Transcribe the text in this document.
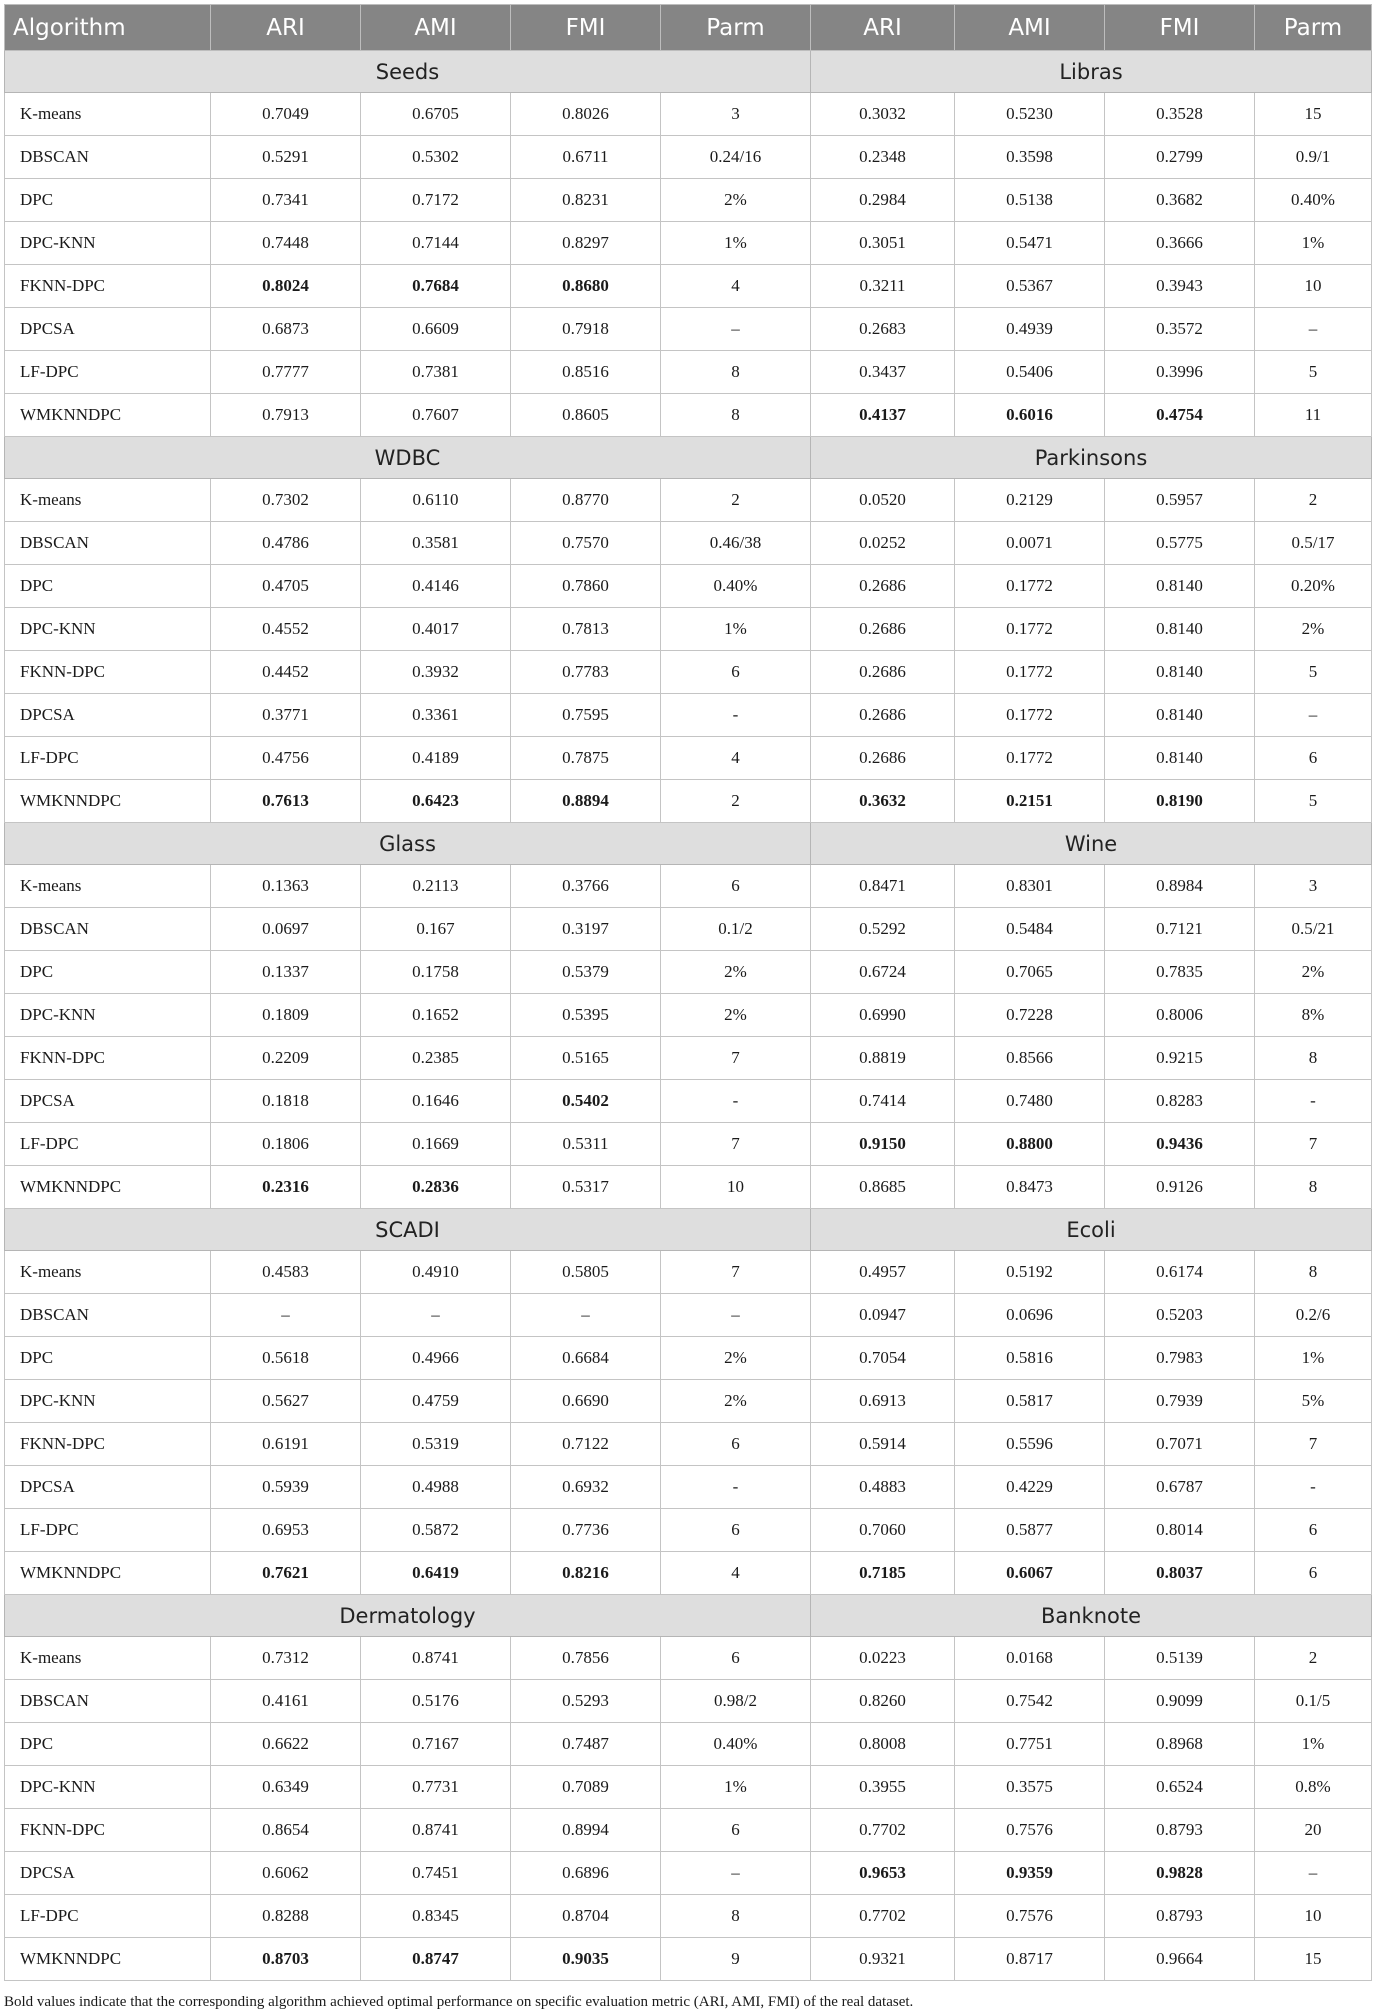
Algorithm	ARI	AMI	FMI	Parm	ARI	AMI	FMI	Parm
Seeds					Libras			
K-means	0.7049	0.6705	0.8026	3	0.3032	0.5230	0.3528	15
DBSCAN	0.5291	0.5302	0.6711	0.24/16	0.2348	0.3598	0.2799	0.9/1
DPC	0.7341	0.7172	0.8231	2%	0.2984	0.5138	0.3682	0.40%
DPC-KNN	0.7448	0.7144	0.8297	1%	0.3051	0.5471	0.3666	1%
FKNN-DPC	0.8024	0.7684	0.8680	4	0.3211	0.5367	0.3943	10
DPCSA	0.6873	0.6609	0.7918	–	0.2683	0.4939	0.3572	–
LF-DPC	0.7777	0.7381	0.8516	8	0.3437	0.5406	0.3996	5
WMKNNDPC	0.7913	0.7607	0.8605	8	0.4137	0.6016	0.4754	11
WDBC					Parkinsons			
K-means	0.7302	0.6110	0.8770	2	0.0520	0.2129	0.5957	2
DBSCAN	0.4786	0.3581	0.7570	0.46/38	0.0252	0.0071	0.5775	0.5/17
DPC	0.4705	0.4146	0.7860	0.40%	0.2686	0.1772	0.8140	0.20%
DPC-KNN	0.4552	0.4017	0.7813	1%	0.2686	0.1772	0.8140	2%
FKNN-DPC	0.4452	0.3932	0.7783	6	0.2686	0.1772	0.8140	5
DPCSA	0.3771	0.3361	0.7595	-	0.2686	0.1772	0.8140	–
LF-DPC	0.4756	0.4189	0.7875	4	0.2686	0.1772	0.8140	6
WMKNNDPC	0.7613	0.6423	0.8894	2	0.3632	0.2151	0.8190	5
Glass					Wine			
K-means	0.1363	0.2113	0.3766	6	0.8471	0.8301	0.8984	3
DBSCAN	0.0697	0.167	0.3197	0.1/2	0.5292	0.5484	0.7121	0.5/21
DPC	0.1337	0.1758	0.5379	2%	0.6724	0.7065	0.7835	2%
DPC-KNN	0.1809	0.1652	0.5395	2%	0.6990	0.7228	0.8006	8%
FKNN-DPC	0.2209	0.2385	0.5165	7	0.8819	0.8566	0.9215	8
DPCSA	0.1818	0.1646	0.5402	-	0.7414	0.7480	0.8283	-
LF-DPC	0.1806	0.1669	0.5311	7	0.9150	0.8800	0.9436	7
WMKNNDPC	0.2316	0.2836	0.5317	10	0.8685	0.8473	0.9126	8
SCADI					Ecoli			
K-means	0.4583	0.4910	0.5805	7	0.4957	0.5192	0.6174	8
DBSCAN	–	–	–	–	0.0947	0.0696	0.5203	0.2/6
DPC	0.5618	0.4966	0.6684	2%	0.7054	0.5816	0.7983	1%
DPC-KNN	0.5627	0.4759	0.6690	2%	0.6913	0.5817	0.7939	5%
FKNN-DPC	0.6191	0.5319	0.7122	6	0.5914	0.5596	0.7071	7
DPCSA	0.5939	0.4988	0.6932	-	0.4883	0.4229	0.6787	-
LF-DPC	0.6953	0.5872	0.7736	6	0.7060	0.5877	0.8014	6
WMKNNDPC	0.7621	0.6419	0.8216	4	0.7185	0.6067	0.8037	6
Dermatology					Banknote			
K-means	0.7312	0.8741	0.7856	6	0.0223	0.0168	0.5139	2
DBSCAN	0.4161	0.5176	0.5293	0.98/2	0.8260	0.7542	0.9099	0.1/5
DPC	0.6622	0.7167	0.7487	0.40%	0.8008	0.7751	0.8968	1%
DPC-KNN	0.6349	0.7731	0.7089	1%	0.3955	0.3575	0.6524	0.8%
FKNN-DPC	0.8654	0.8741	0.8994	6	0.7702	0.7576	0.8793	20
DPCSA	0.6062	0.7451	0.6896	–	0.9653	0.9359	0.9828	–
LF-DPC	0.8288	0.8345	0.8704	8	0.7702	0.7576	0.8793	10
WMKNNDPC	0.8703	0.8747	0.9035	9	0.9321	0.8717	0.9664	15
Bold values indicate that the corresponding algorithm achieved optimal performance on specific evaluation metric (ARI, AMI, FMI) of the real dataset.
